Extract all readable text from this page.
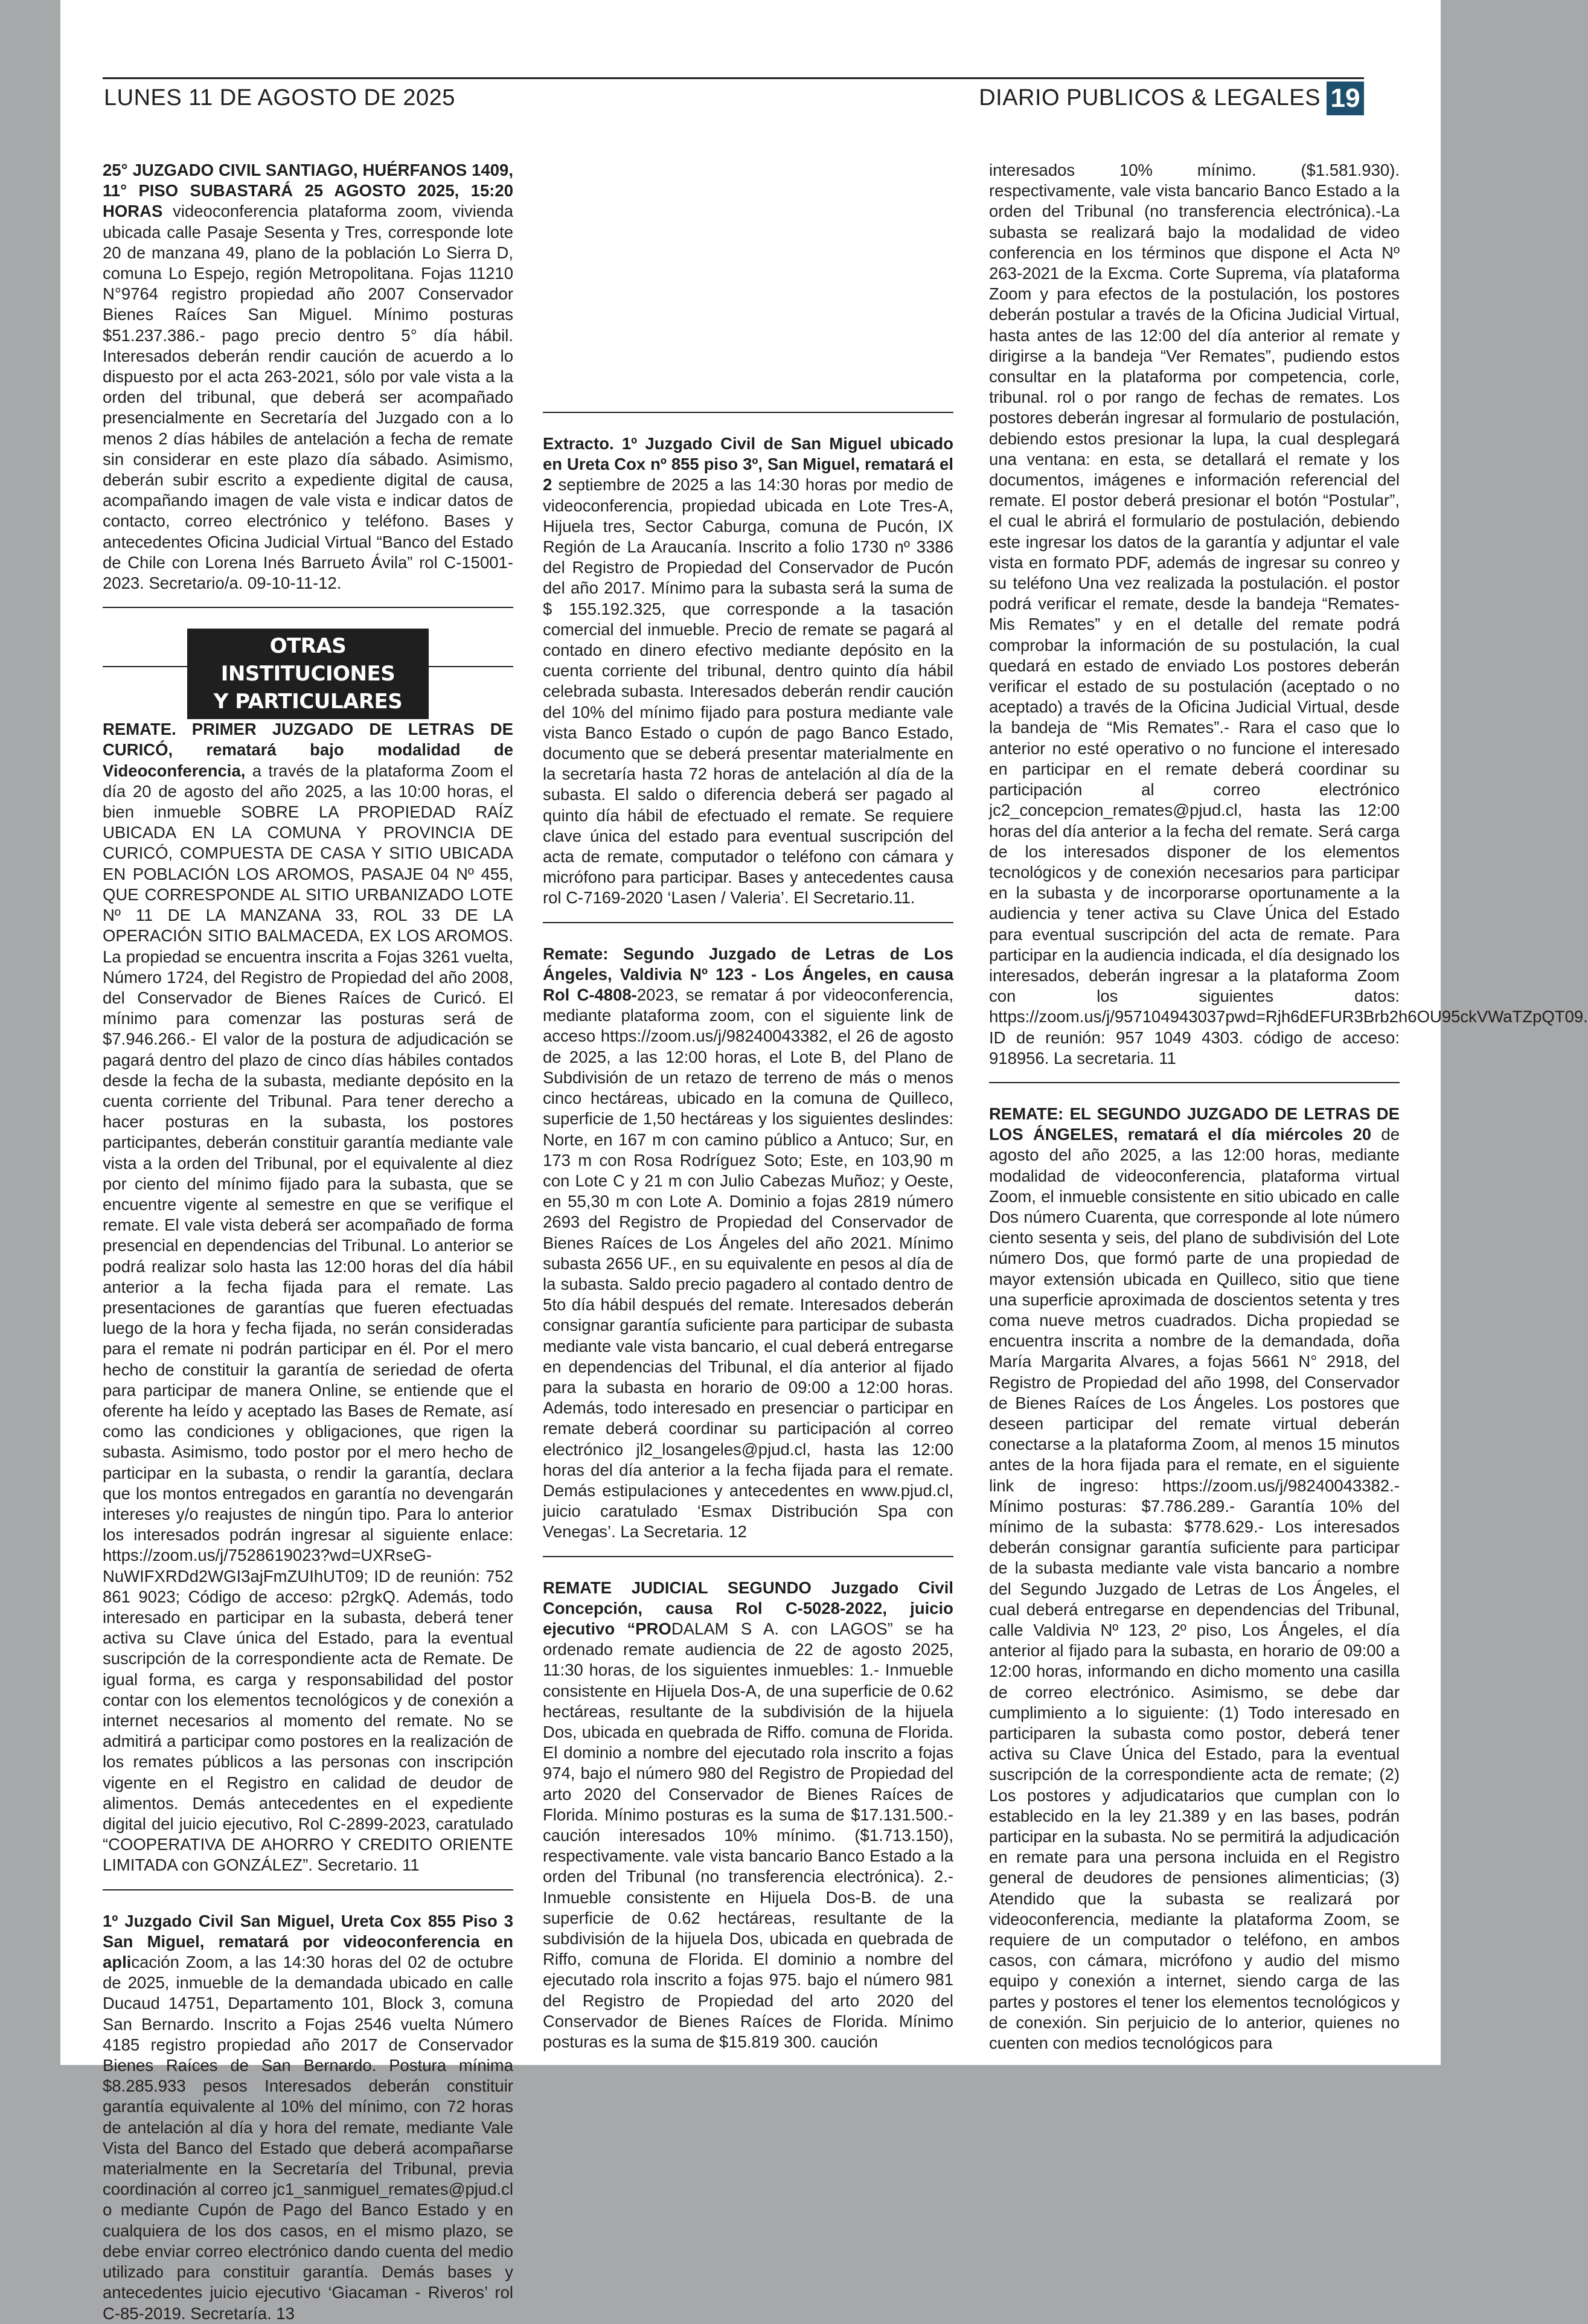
LUNES 11 DE AGOSTO DE 2025	DIARIO PUBLICOS & LEGALES 19
25° JUZGADO CIVIL SANTIAGO, HUÉRFANOS 1409, 11° PISO SUBASTARÁ 25 AGOSTO 2025, 15:20 HORAS videoconferencia plataforma zoom, vivienda ubicada calle Pasaje Sesenta y Tres, corresponde lote 20 de manzana 49, plano de la población Lo Sierra D, comuna Lo Espejo, región Metropolitana. Fojas 11210 N°9764 registro propiedad año 2007 Conservador Bienes Raíces San Miguel. Mínimo posturas $51.237.386.- pago precio dentro 5° día hábil. Interesados deberán rendir caución de acuerdo a lo dispuesto por el acta 263-2021, sólo por vale vista a la orden del tribunal, que deberá ser acompañado presencialmente en Secretaría del Juzgado con a lo menos 2 días hábiles de antelación a fecha de remate sin considerar en este plazo día sábado. Asimismo, deberán subir escrito a expediente digital de causa, acompañando imagen de vale vista e indicar datos de contacto, correo electrónico y teléfono. Bases y antecedentes Oficina Judicial Virtual “Banco del Estado de Chile con Lorena Inés Barrueto Ávila” rol C-15001-2023. Secretario/a. 09-10-11-12.
OTRAS INSTITUCIONES
Y PARTICULARES
REMATE. PRIMER JUZGADO DE LETRAS DE CURICÓ, rematará bajo modalidad de Videoconferencia, a través de la plataforma Zoom el día 20 de agosto del año 2025, a las 10:00 horas, el bien inmueble SOBRE LA PROPIEDAD RAÍZ UBICADA EN LA COMUNA Y PROVINCIA DE CURICÓ, COMPUESTA DE CASA Y SITIO UBICADA EN POBLACIÓN LOS AROMOS, PASAJE 04 Nº 455, QUE CORRESPONDE AL SITIO URBANIZADO LOTE Nº 11 DE LA MANZANA 33, ROL 33 DE LA OPERACIÓN SITIO BALMACEDA, EX LOS AROMOS. La propiedad se encuentra inscrita a Fojas 3261 vuelta, Número 1724, del Registro de Propiedad del año 2008, del Conservador de Bienes Raíces de Curicó. El mínimo para comenzar las posturas será de $7.946.266.- El valor de la postura de adjudicación se pagará dentro del plazo de cinco días hábiles contados desde la fecha de la subasta, mediante depósito en la cuenta corriente del Tribunal. Para tener derecho a hacer posturas en la subasta, los postores participantes, deberán constituir garantía mediante vale vista a la orden del Tribunal, por el equivalente al diez por ciento del mínimo fijado para la subasta, que se encuentre vigente al semestre en que se verifique el remate. El vale vista deberá ser acompañado de forma presencial en dependencias del Tribunal. Lo anterior se podrá realizar solo hasta las 12:00 horas del día hábil anterior a la fecha fijada para el remate. Las presentaciones de garantías que fueren efectuadas luego de la hora y fecha fijada, no serán consideradas para el remate ni podrán participar en él. Por el mero hecho de constituir la garantía de seriedad de oferta para participar de manera Online, se entiende que el oferente ha leído y aceptado las Bases de Remate, así como las condiciones y obligaciones, que rigen la subasta. Asimismo, todo postor por el mero hecho de participar en la subasta, o rendir la garantía, declara que los montos entregados en garantía no devengarán intereses y/o reajustes de ningún tipo. Para lo anterior los interesados podrán ingresar al siguiente enlace: https://zoom.us/j/7528619023?wd=UXRseG-NuWIFXRDd2WGI3ajFmZUIhUT09; ID de reunión: 752 861 9023; Código de acceso: p2rgkQ. Además, todo interesado en participar en la subasta, deberá tener activa su Clave única del Estado, para la eventual suscripción de la correspondiente acta de Remate. De igual forma, es carga y responsabilidad del postor contar con los elementos tecnológicos y de conexión a internet necesarios al momento del remate. No se admitirá a participar como postores en la realización de los remates públicos a las personas con inscripción vigente en el Registro en calidad de deudor de alimentos. Demás antecedentes en el expediente digital del juicio ejecutivo, Rol C-2899-2023, caratulado “COOPERATIVA DE AHORRO Y CREDITO ORIENTE LIMITADA con GONZÁLEZ”. Secretario. 11
1º Juzgado Civil San Miguel, Ureta Cox 855 Piso 3 San Miguel, rematará por videoconferencia en aplicación Zoom, a las 14:30 horas del 02 de octubre de 2025, inmueble de la demandada ubicado en calle Ducaud 14751, Departamento 101, Block 3, comuna San Bernardo. Inscrito a Fojas 2546 vuelta Número 4185 registro propiedad año 2017 de Conservador Bienes Raíces de San Bernardo. Postura mínima $8.285.933 pesos Interesados deberán constituir garantía equivalente al 10% del mínimo, con 72 horas de antelación al día y hora del remate, mediante Vale Vista del Banco del Estado que deberá acompañarse materialmente en la Secretaría del Tribunal, previa coordinación al correo jc1_sanmiguel_remates@pjud.cl o mediante Cupón de Pago del Banco Estado y en cualquiera de los dos casos, en el mismo plazo, se debe enviar correo electrónico dando cuenta del medio utilizado para constituir garantía. Demás bases y antecedentes juicio ejecutivo ‘Giacaman - Riveros’ rol C-85-2019. Secretaría. 13
Extracto. 1º Juzgado Civil de San Miguel ubicado en Ureta Cox nº 855 piso 3º, San Miguel, rematará el 2 septiembre de 2025 a las 14:30 horas por medio de videoconferencia, propiedad ubicada en Lote Tres-A, Hijuela tres, Sector Caburga, comuna de Pucón, IX Región de La Araucanía. Inscrito a folio 1730 nº 3386 del Registro de Propiedad del Conservador de Pucón del año 2017. Mínimo para la subasta será la suma de $ 155.192.325, que corresponde a la tasación comercial del inmueble. Precio de remate se pagará al contado en dinero efectivo mediante depósito en la cuenta corriente del tribunal, dentro quinto día hábil celebrada subasta. Interesados deberán rendir caución del 10% del mínimo fijado para postura mediante vale vista Banco Estado o cupón de pago Banco Estado, documento que se deberá presentar materialmente en la secretaría hasta 72 horas de antelación al día de la subasta. El saldo o diferencia deberá ser pagado al quinto día hábil de efectuado el remate. Se requiere clave única del estado para eventual suscripción del acta de remate, computador o teléfono con cámara y micrófono para participar. Bases y antecedentes causa rol C-7169-2020 ‘Lasen / Valeria’. El Secretario.11.
Remate: Segundo Juzgado de Letras de Los Ángeles, Valdivia Nº 123 - Los Ángeles, en causa Rol C-4808-2023, se rematar á por videoconferencia, mediante plataforma zoom, con el siguiente link de acceso https://zoom.us/j/98240043382, el 26 de agosto de 2025, a las 12:00 horas, el Lote B, del Plano de Subdivisión de un retazo de terreno de más o menos cinco hectáreas, ubicado en la comuna de Quilleco, superficie de 1,50 hectáreas y los siguientes deslindes: Norte, en 167 m con camino público a Antuco; Sur, en 173 m con Rosa Rodríguez Soto; Este, en 103,90 m con Lote C y 21 m con Julio Cabezas Muñoz; y Oeste, en 55,30 m con Lote A. Dominio a fojas 2819 número 2693 del Registro de Propiedad del Conservador de Bienes Raíces de Los Ángeles del año 2021. Mínimo subasta 2656 UF., en su equivalente en pesos al día de la subasta. Saldo precio pagadero al contado dentro de 5to día hábil después del remate. Interesados deberán consignar garantía suficiente para participar de subasta mediante vale vista bancario, el cual deberá entregarse en dependencias del Tribunal, el día anterior al fijado para la subasta en horario de 09:00 a 12:00 horas. Además, todo interesado en presenciar o participar en remate deberá coordinar su participación al correo electrónico jl2_losangeles@pjud.cl, hasta las 12:00 horas del día anterior a la fecha fijada para el remate. Demás estipulaciones y antecedentes en www.pjud.cl, juicio caratulado ‘Esmax Distribución Spa con Venegas’. La Secretaria. 12
REMATE JUDICIAL SEGUNDO Juzgado Civil Concepción, causa Rol C-5028-2022, juicio ejecutivo “PRODALAM S A. con LAGOS” se ha ordenado remate audiencia de 22 de agosto 2025, 11:30 horas, de los siguientes inmuebles: 1.- Inmueble consistente en Hijuela Dos-A, de una superficie de 0.62 hectáreas, resultante de la subdivisión de la hijuela Dos, ubicada en quebrada de Riffo. comuna de Florida. El dominio a nombre del ejecutado rola inscrito a fojas 974, bajo el número 980 del Registro de Propiedad del arto 2020 del Conservador de Bienes Raíces de Florida. Mínimo posturas es la suma de $17.131.500.- caución interesados 10% mínimo. ($1.713.150), respectivamente. vale vista bancario Banco Estado a la orden del Tribunal (no transferencia electrónica). 2.- Inmueble consistente en Hijuela Dos-B. de una superficie de 0.62 hectáreas, resultante de la subdivisión de la hijuela Dos, ubicada en quebrada de Riffo, comuna de Florida. El dominio a nombre del ejecutado rola inscrito a fojas 975. bajo el número 981 del Registro de Propiedad del arto 2020 del Conservador de Bienes Raíces de Florida. Mínimo posturas es la suma de $15.819 300. caución
interesados 10% mínimo. ($1.581.930). respectivamente, vale vista bancario Banco Estado a la orden del Tribunal (no transferencia electrónica).-La subasta se realizará bajo la modalidad de video conferencia en los términos que dispone el Acta Nº 263-2021 de la Excma. Corte Suprema, vía plataforma Zoom y para efectos de la postulación, los postores deberán postular a través de la Oficina Judicial Virtual, hasta antes de las 12:00 del día anterior al remate y dirigirse a la bandeja “Ver Remates”, pudiendo estos consultar en la plataforma por competencia, corle, tribunal. rol o por rango de fechas de remates. Los postores deberán ingresar al formulario de postulación, debiendo estos presionar la lupa, la cual desplegará una ventana: en esta, se detallará el remate y los documentos, imágenes e información referencial del remate. El postor deberá presionar el botón “Postular”, el cual le abrirá el formulario de postulación, debiendo este ingresar los datos de la garantía y adjuntar el vale vista en formato PDF, además de ingresar su conreo y su teléfono Una vez realizada la postulación. el postor podrá verificar el remate, desde la bandeja “Remates-Mis Remates” y en el detalle del remate podrá comprobar la información de su postulación, la cual quedará en estado de enviado Los postores deberán verificar el estado de su postulación (aceptado o no aceptado) a través de la Oficina Judicial Virtual, desde la bandeja de “Mis Remates”.- Rara el caso que lo anterior no esté operativo o no funcione el interesado en participar en el remate deberá coordinar su participación al correo electrónico jc2_concepcion_remates@pjud.cl, hasta las 12:00 horas del día anterior a la fecha del remate. Será carga de los interesados disponer de los elementos tecnológicos y de conexión necesarios para participar en la subasta y de incorporarse oportunamente a la audiencia y tener activa su Clave Única del Estado para eventual suscripción del acta de remate. Para participar en la audiencia indicada, el día designado los interesados, deberán ingresar a la plataforma Zoom con los siguientes datos: https://zoom.us/j/957104943037pwd=Rjh6dEFUR3Brb2h6OU95ckVWaTZpQT09. ID de reunión: 957 1049 4303. código de acceso: 918956. La secretaria. 11
REMATE: EL SEGUNDO JUZGADO DE LETRAS DE LOS ÁNGELES, rematará el día miércoles 20 de agosto del año 2025, a las 12:00 horas, mediante modalidad de videoconferencia, plataforma virtual Zoom, el inmueble consistente en sitio ubicado en calle Dos número Cuarenta, que corresponde al lote número ciento sesenta y seis, del plano de subdivisión del Lote número Dos, que formó parte de una propiedad de mayor extensión ubicada en Quilleco, sitio que tiene una superficie aproximada de doscientos setenta y tres coma nueve metros cuadrados. Dicha propiedad se encuentra inscrita a nombre de la demandada, doña María Margarita Alvares, a fojas 5661 N° 2918, del Registro de Propiedad del año 1998, del Conservador de Bienes Raíces de Los Ángeles. Los postores que deseen participar del remate virtual deberán conectarse a la plataforma Zoom, al menos 15 minutos antes de la hora fijada para el remate, en el siguiente link de ingreso: https://zoom.us/j/98240043382.- Mínimo posturas: $7.786.289.- Garantía 10% del mínimo de la subasta: $778.629.- Los interesados deberán consignar garantía suficiente para participar de la subasta mediante vale vista bancario a nombre del Segundo Juzgado de Letras de Los Ángeles, el cual deberá entregarse en dependencias del Tribunal, calle Valdivia Nº 123, 2º piso, Los Ángeles, el día anterior al fijado para la subasta, en horario de 09:00 a 12:00 horas, informando en dicho momento una casilla de correo electrónico. Asimismo, se debe dar cumplimiento a lo siguiente: (1) Todo interesado en participaren la subasta como postor, deberá tener activa su Clave Única del Estado, para la eventual suscripción de la correspondiente acta de remate; (2) Los postores y adjudicatarios que cumplan con lo establecido en la ley 21.389 y en las bases, podrán participar en la subasta. No se permitirá la adjudicación en remate para una persona incluida en el Registro general de deudores de pensiones alimenticias; (3) Atendido que la subasta se realizará por videoconferencia, mediante la plataforma Zoom, se requiere de un computador o teléfono, en ambos casos, con cámara, micrófono y audio del mismo equipo y conexión a internet, siendo carga de las partes y postores el tener los elementos tecnológicos y de conexión. Sin perjuicio de lo anterior, quienes no cuenten con medios tecnológicos para
